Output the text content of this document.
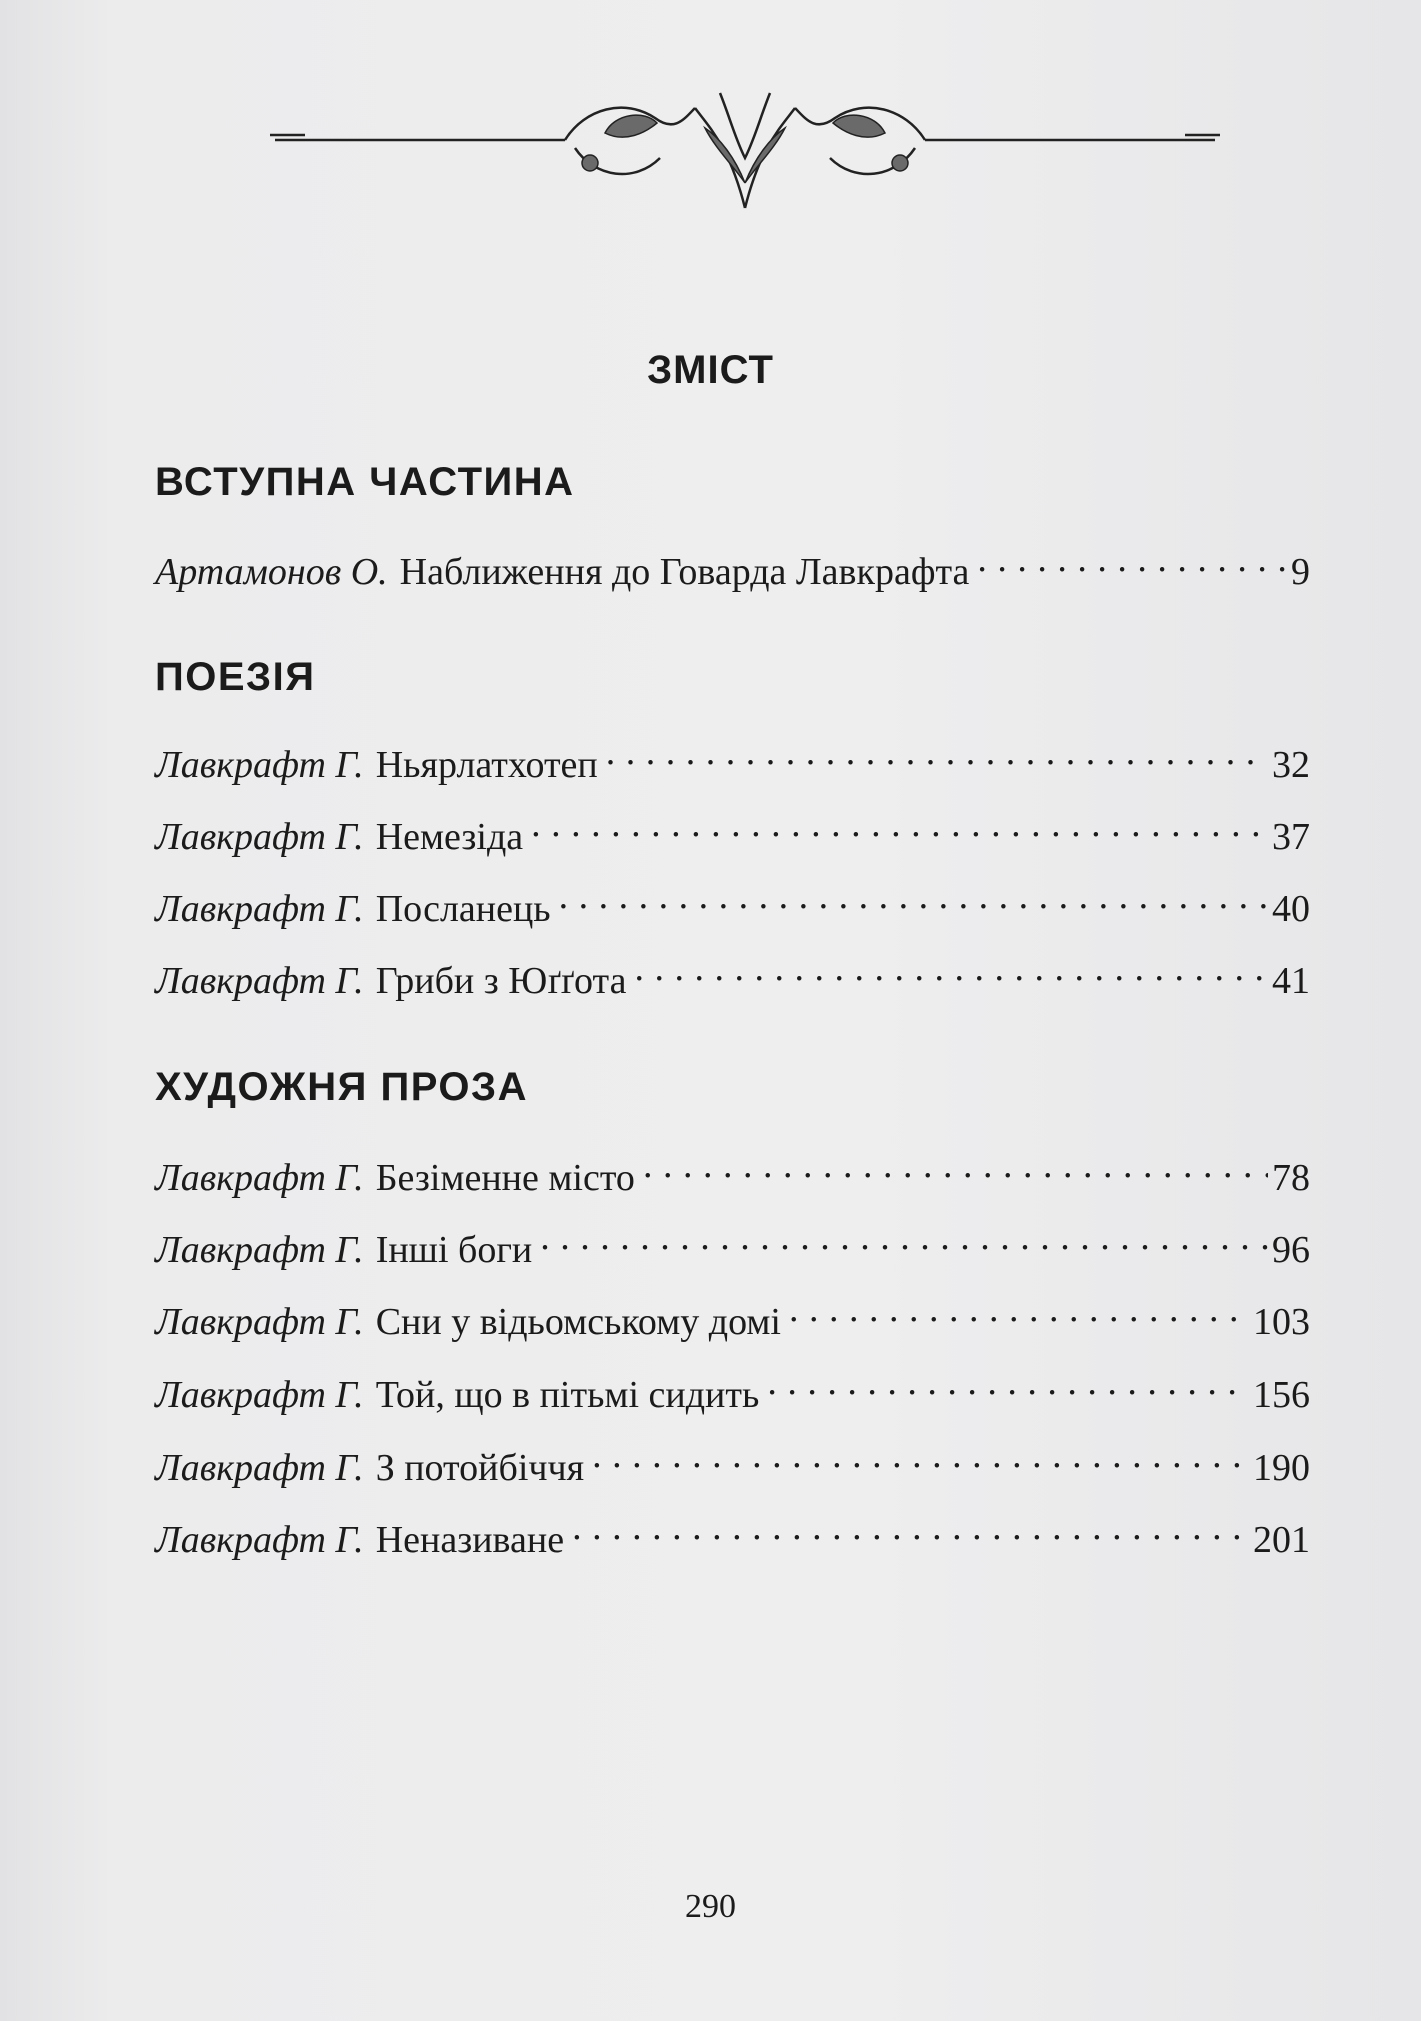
ЗМІСТ
ВСТУПНА ЧАСТИНА
Артамонов О. Наближення до Говарда Лавкрафта . . .	9
ПОЕЗІЯ
Лавкрафт Г. Ньярлатхотеп . . .	32
Лавкрафт Г. Немезіда . . .	37
Лавкрафт Г. Посланець . . .	40
Лавкрафт Г. Гриби з Юґґота . . .	41
ХУДОЖНЯ ПРОЗА
Лавкрафт Г. Безіменне місто . . .	78
Лавкрафт Г. Інші боги . . .	96
Лавкрафт Г. Сни у відьомському домі . . .	103
Лавкрафт Г. Той, що в пітьмі сидить . . .	156
Лавкрафт Г. З потойбіччя . . .	190
Лавкрафт Г. Неназиване . . .	201
290
